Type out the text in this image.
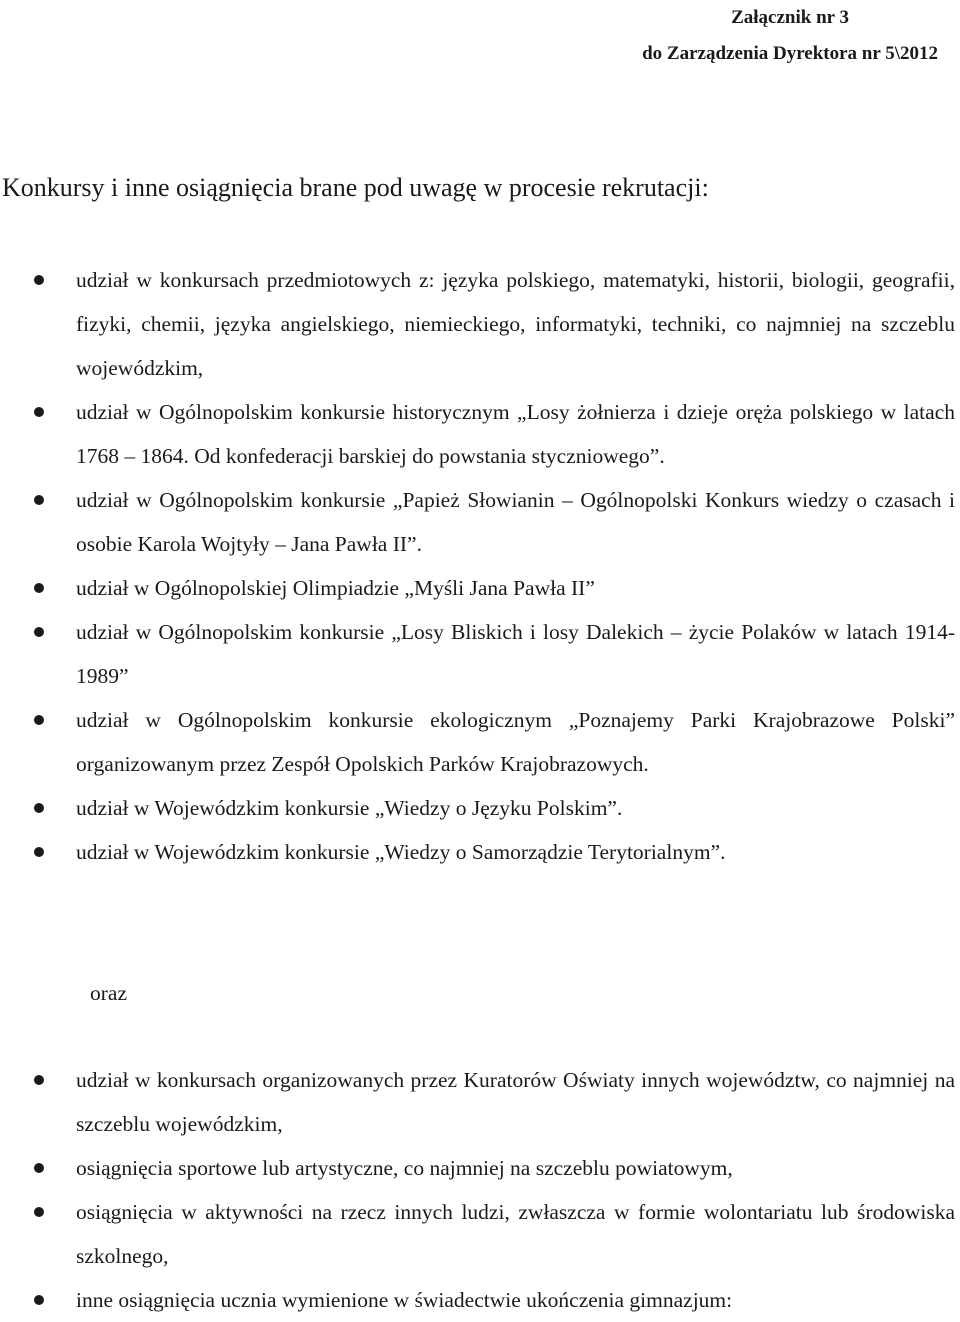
Załącznik nr 3
do Zarządzenia Dyrektora nr 5\2012
Konkursy i inne osiągnięcia brane pod uwagę w procesie rekrutacji:
udział w konkursach przedmiotowych z: języka polskiego, matematyki, historii, biologii, geografii, fizyki, chemii, języka angielskiego, niemieckiego, informatyki, techniki, co najmniej na szczeblu wojewódzkim,
udział w Ogólnopolskim konkursie historycznym „Losy żołnierza i dzieje oręża polskiego w latach 1768 – 1864. Od konfederacji barskiej do powstania styczniowego”.
udział w Ogólnopolskim konkursie „Papież Słowianin – Ogólnopolski Konkurs wiedzy o czasach i osobie Karola Wojtyły – Jana Pawła II”.
udział w Ogólnopolskiej Olimpiadzie „Myśli Jana Pawła II”
udział w Ogólnopolskim konkursie „Losy Bliskich i losy Dalekich – życie Polaków w latach 1914-1989”
udział w Ogólnopolskim konkursie ekologicznym „Poznajemy Parki Krajobrazowe Polski” organizowanym przez Zespół Opolskich Parków Krajobrazowych.
udział w Wojewódzkim konkursie „Wiedzy o Języku Polskim”.
udział w Wojewódzkim konkursie „Wiedzy o Samorządzie Terytorialnym”.
oraz
udział w konkursach organizowanych przez Kuratorów Oświaty innych województw, co najmniej na szczeblu wojewódzkim,
osiągnięcia sportowe lub artystyczne, co najmniej na szczeblu powiatowym,
osiągnięcia w aktywności na rzecz innych ludzi, zwłaszcza w formie wolontariatu lub środowiska szkolnego,
inne osiągnięcia ucznia wymienione w świadectwie ukończenia gimnazjum:
